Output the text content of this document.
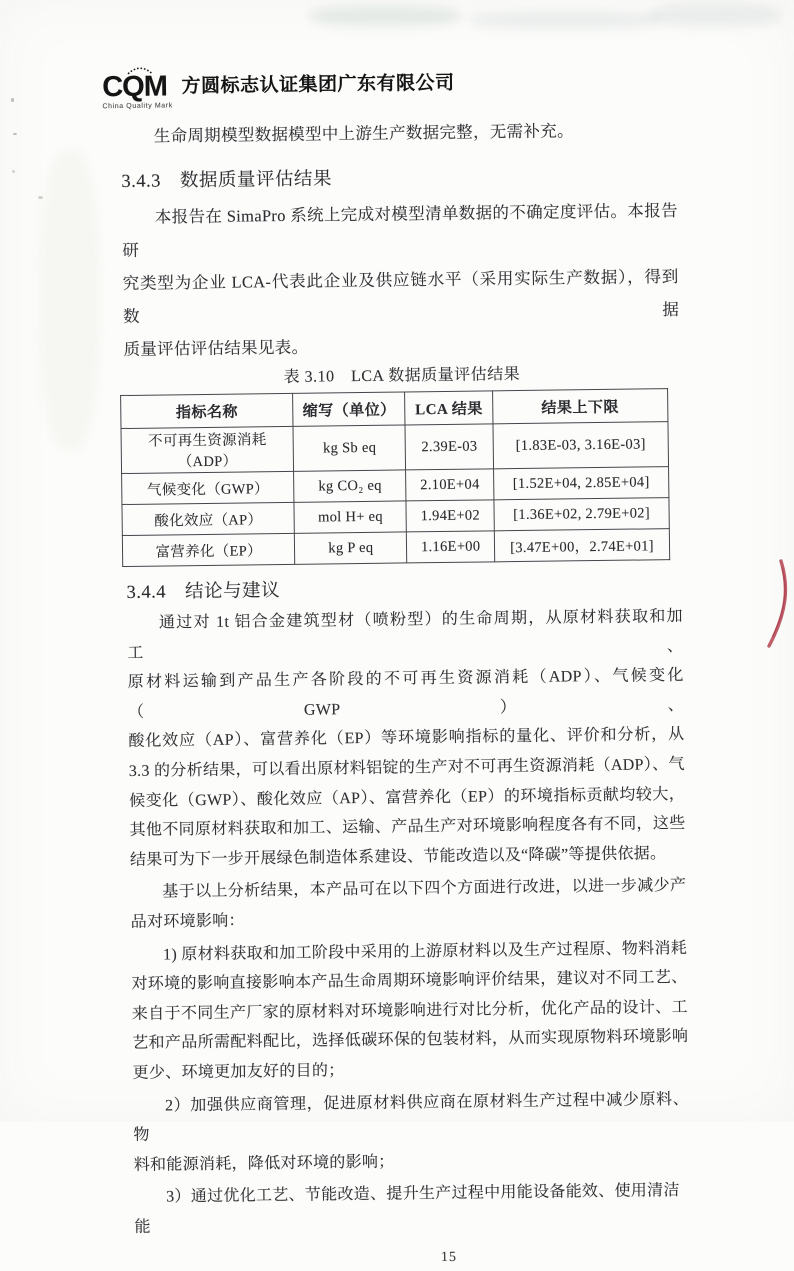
CQM
China Quality Mark
方圆标志认证集团广东有限公司
生命周期模型数据模型中上游生产数据完整，无需补充。
3.4.3　数据质量评估结果
本报告在 SimaPro 系统上完成对模型清单数据的不确定度评估。本报告研
究类型为企业 LCA-代表此企业及供应链水平（采用实际生产数据），得到数据
质量评估评估结果见表。
表 3.10　LCA 数据质量评估结果
指标名称	缩写（单位）	LCA 结果	结果上下限
不可再生资源消耗（ADP）	kg Sb eq	2.39E-03	[1.83E-03, 3.16E-03]
气候变化（GWP）	kg CO₂ eq	2.10E+04	[1.52E+04, 2.85E+04]
酸化效应（AP）	mol H+ eq	1.94E+02	[1.36E+02, 2.79E+02]
富营养化（EP）	kg P eq	1.16E+00	[3.47E+00，2.74E+01]
3.4.4　结论与建议
通过对 1t 铝合金建筑型材（喷粉型）的生命周期，从原材料获取和加工、
原材料运输到产品生产各阶段的不可再生资源消耗（ADP）、气候变化（GWP）、
酸化效应（AP）、富营养化（EP）等环境影响指标的量化、评价和分析，从
3.3 的分析结果，可以看出原材料铝锭的生产对不可再生资源消耗（ADP）、气
候变化（GWP）、酸化效应（AP）、富营养化（EP）的环境指标贡献均较大，
其他不同原材料获取和加工、运输、产品生产对环境影响程度各有不同，这些
结果可为下一步开展绿色制造体系建设、节能改造以及“降碳”等提供依据。
基于以上分析结果，本产品可在以下四个方面进行改进，以进一步减少产
品对环境影响：
1) 原材料获取和加工阶段中采用的上游原材料以及生产过程原、物料消耗
对环境的影响直接影响本产品生命周期环境影响评价结果，建议对不同工艺、
来自于不同生产厂家的原材料对环境影响进行对比分析，优化产品的设计、工
艺和产品所需配料配比，选择低碳环保的包装材料，从而实现原物料环境影响
更少、环境更加友好的目的；
2）加强供应商管理，促进原材料供应商在原材料生产过程中减少原料、物
料和能源消耗，降低对环境的影响；
3）通过优化工艺、节能改造、提升生产过程中用能设备能效、使用清洁能
15
